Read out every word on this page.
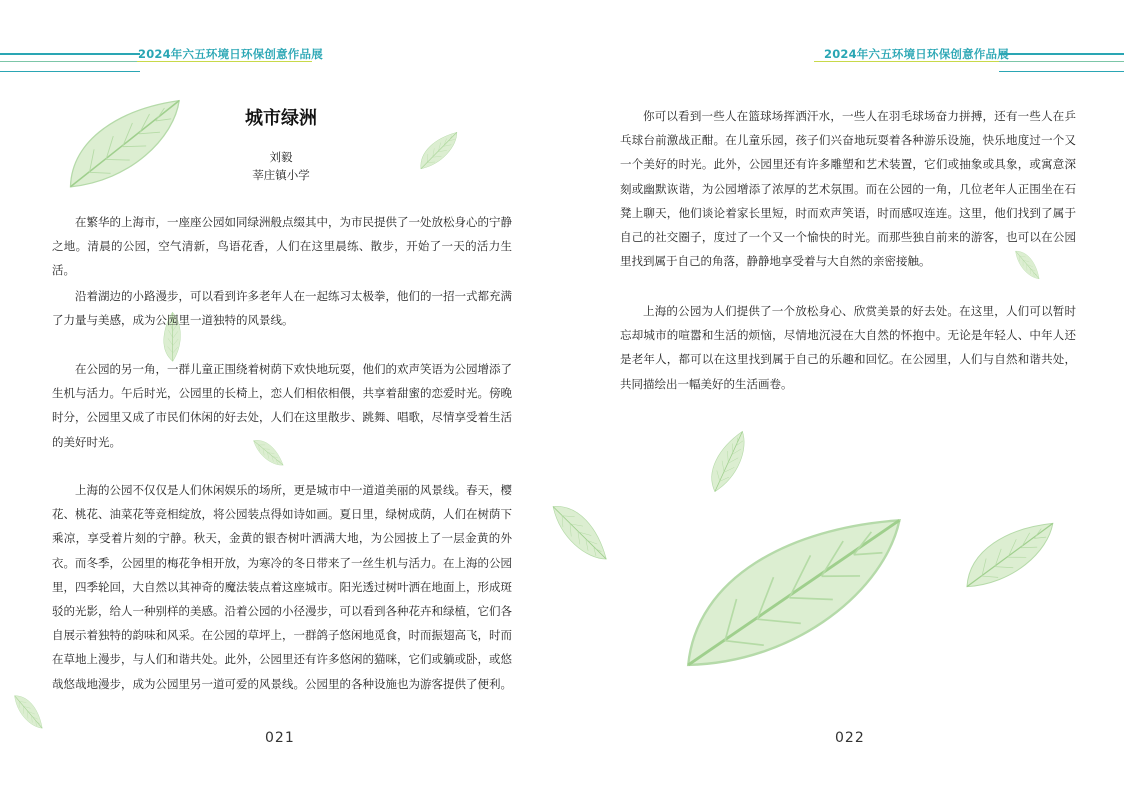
2024年六五环境日环保创意作品展
城市绿洲
刘毅
莘庄镇小学

在繁华的上海市，一座座公园如同绿洲般点缀其中，为市民提供了一处放松身心的宁静之地。清晨的公园，空气清新，鸟语花香，人们在这里晨练、散步，开始了一天的活力生活。

沿着湖边的小路漫步，可以看到许多老年人在一起练习太极拳，他们的一招一式都充满了力量与美感，成为公园里一道独特的风景线。

在公园的另一角，一群儿童正围绕着树荫下欢快地玩耍，他们的欢声笑语为公园增添了生机与活力。午后时光，公园里的长椅上，恋人们相依相偎，共享着甜蜜的恋爱时光。傍晚时分，公园里又成了市民们休闲的好去处，人们在这里散步、跳舞、唱歌，尽情享受着生活的美好时光。

上海的公园不仅仅是人们休闲娱乐的场所，更是城市中一道道美丽的风景线。春天，樱花、桃花、油菜花等竞相绽放，将公园装点得如诗如画。夏日里，绿树成荫，人们在树荫下乘凉，享受着片刻的宁静。秋天，金黄的银杏树叶洒满大地，为公园披上了一层金黄的外衣。而冬季，公园里的梅花争相开放，为寒冷的冬日带来了一丝生机与活力。在上海的公园里，四季轮回，大自然以其神奇的魔法装点着这座城市。阳光透过树叶洒在地面上，形成斑驳的光影，给人一种别样的美感。沿着公园的小径漫步，可以看到各种花卉和绿植，它们各自展示着独特的韵味和风采。在公园的草坪上，一群鸽子悠闲地觅食，时而振翅高飞，时而在草地上漫步，与人们和谐共处。此外，公园里还有许多悠闲的猫咪，它们或躺或卧，或悠哉悠哉地漫步，成为公园里另一道可爱的风景线。公园里的各种设施也为游客提供了便利。

021
2024年六五环境日环保创意作品展

你可以看到一些人在篮球场挥洒汗水，一些人在羽毛球场奋力拼搏，还有一些人在乒乓球台前激战正酣。在儿童乐园，孩子们兴奋地玩耍着各种游乐设施，快乐地度过一个又一个美好的时光。此外，公园里还有许多雕塑和艺术装置，它们或抽象或具象，或寓意深刻或幽默诙谐，为公园增添了浓厚的艺术氛围。而在公园的一角，几位老年人正围坐在石凳上聊天，他们谈论着家长里短，时而欢声笑语，时而感叹连连。这里，他们找到了属于自己的社交圈子，度过了一个又一个愉快的时光。而那些独自前来的游客，也可以在公园里找到属于自己的角落，静静地享受着与大自然的亲密接触。

上海的公园为人们提供了一个放松身心、欣赏美景的好去处。在这里，人们可以暂时忘却城市的喧嚣和生活的烦恼，尽情地沉浸在大自然的怀抱中。无论是年轻人、中年人还是老年人，都可以在这里找到属于自己的乐趣和回忆。在公园里，人们与自然和谐共处，共同描绘出一幅美好的生活画卷。

022
